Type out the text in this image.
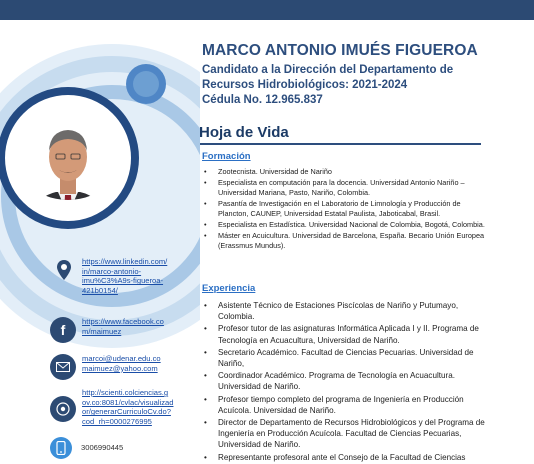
https://www.linkedin.com/
in/marco-antonio-
imu%C3%A9s-figueroa-
421b0154/
f
https://www.facebook.co
m/maimuez
marcoi@udenar.edu.co
maimuez@yahoo.com
http://scienti.colciencias.g
ov.co:8081/cvlac/visualizad
or/generarCurriculoCv.do?
cod_rh=0000276995
3006990445
MARCO ANTONIO IMUÉS FIGUEROA
Candidato a la Dirección del Departamento de
Recursos Hidrobiológicos: 2021-2024
Cédula No. 12.965.837
Hoja de Vida
Formación
• Zootecnista. Universidad de Nariño
• Especialista en computación para la docencia. Universidad Antonio Nariño – Universidad Mariana, Pasto, Nariño, Colombia.
• Pasantía de Investigación en el Laboratorio de Limnología y Producción de Plancton, CAUNEP, Universidad Estatal Paulista, Jaboticabal, Brasil.
• Especialista en Estadística. Universidad Nacional de Colombia, Bogotá, Colombia.
• Máster en Acuicultura. Universidad de Barcelona, España. Becario Unión Europea (Erassmus Mundus).
Experiencia
• Asistente Técnico de Estaciones Piscícolas de Nariño y Putumayo, Colombia.
• Profesor tutor de las asignaturas Informática Aplicada I y II. Programa de Tecnología en Acuacultura, Universidad de Nariño.
• Secretario Académico. Facultad de Ciencias Pecuarias. Universidad de Nariño,
• Coordinador Académico. Programa de Tecnología en Acuacultura. Universidad de Nariño.
• Profesor tiempo completo del programa de Ingeniería en Producción Acuícola. Universidad de Nariño.
• Director de Departamento de Recursos Hidrobiológicos y del Programa de Ingeniería en Producción Acuícola. Facultad de Ciencias Pecuarias, Universidad de Nariño.
• Representante profesoral ante el Consejo de la Facultad de Ciencias
